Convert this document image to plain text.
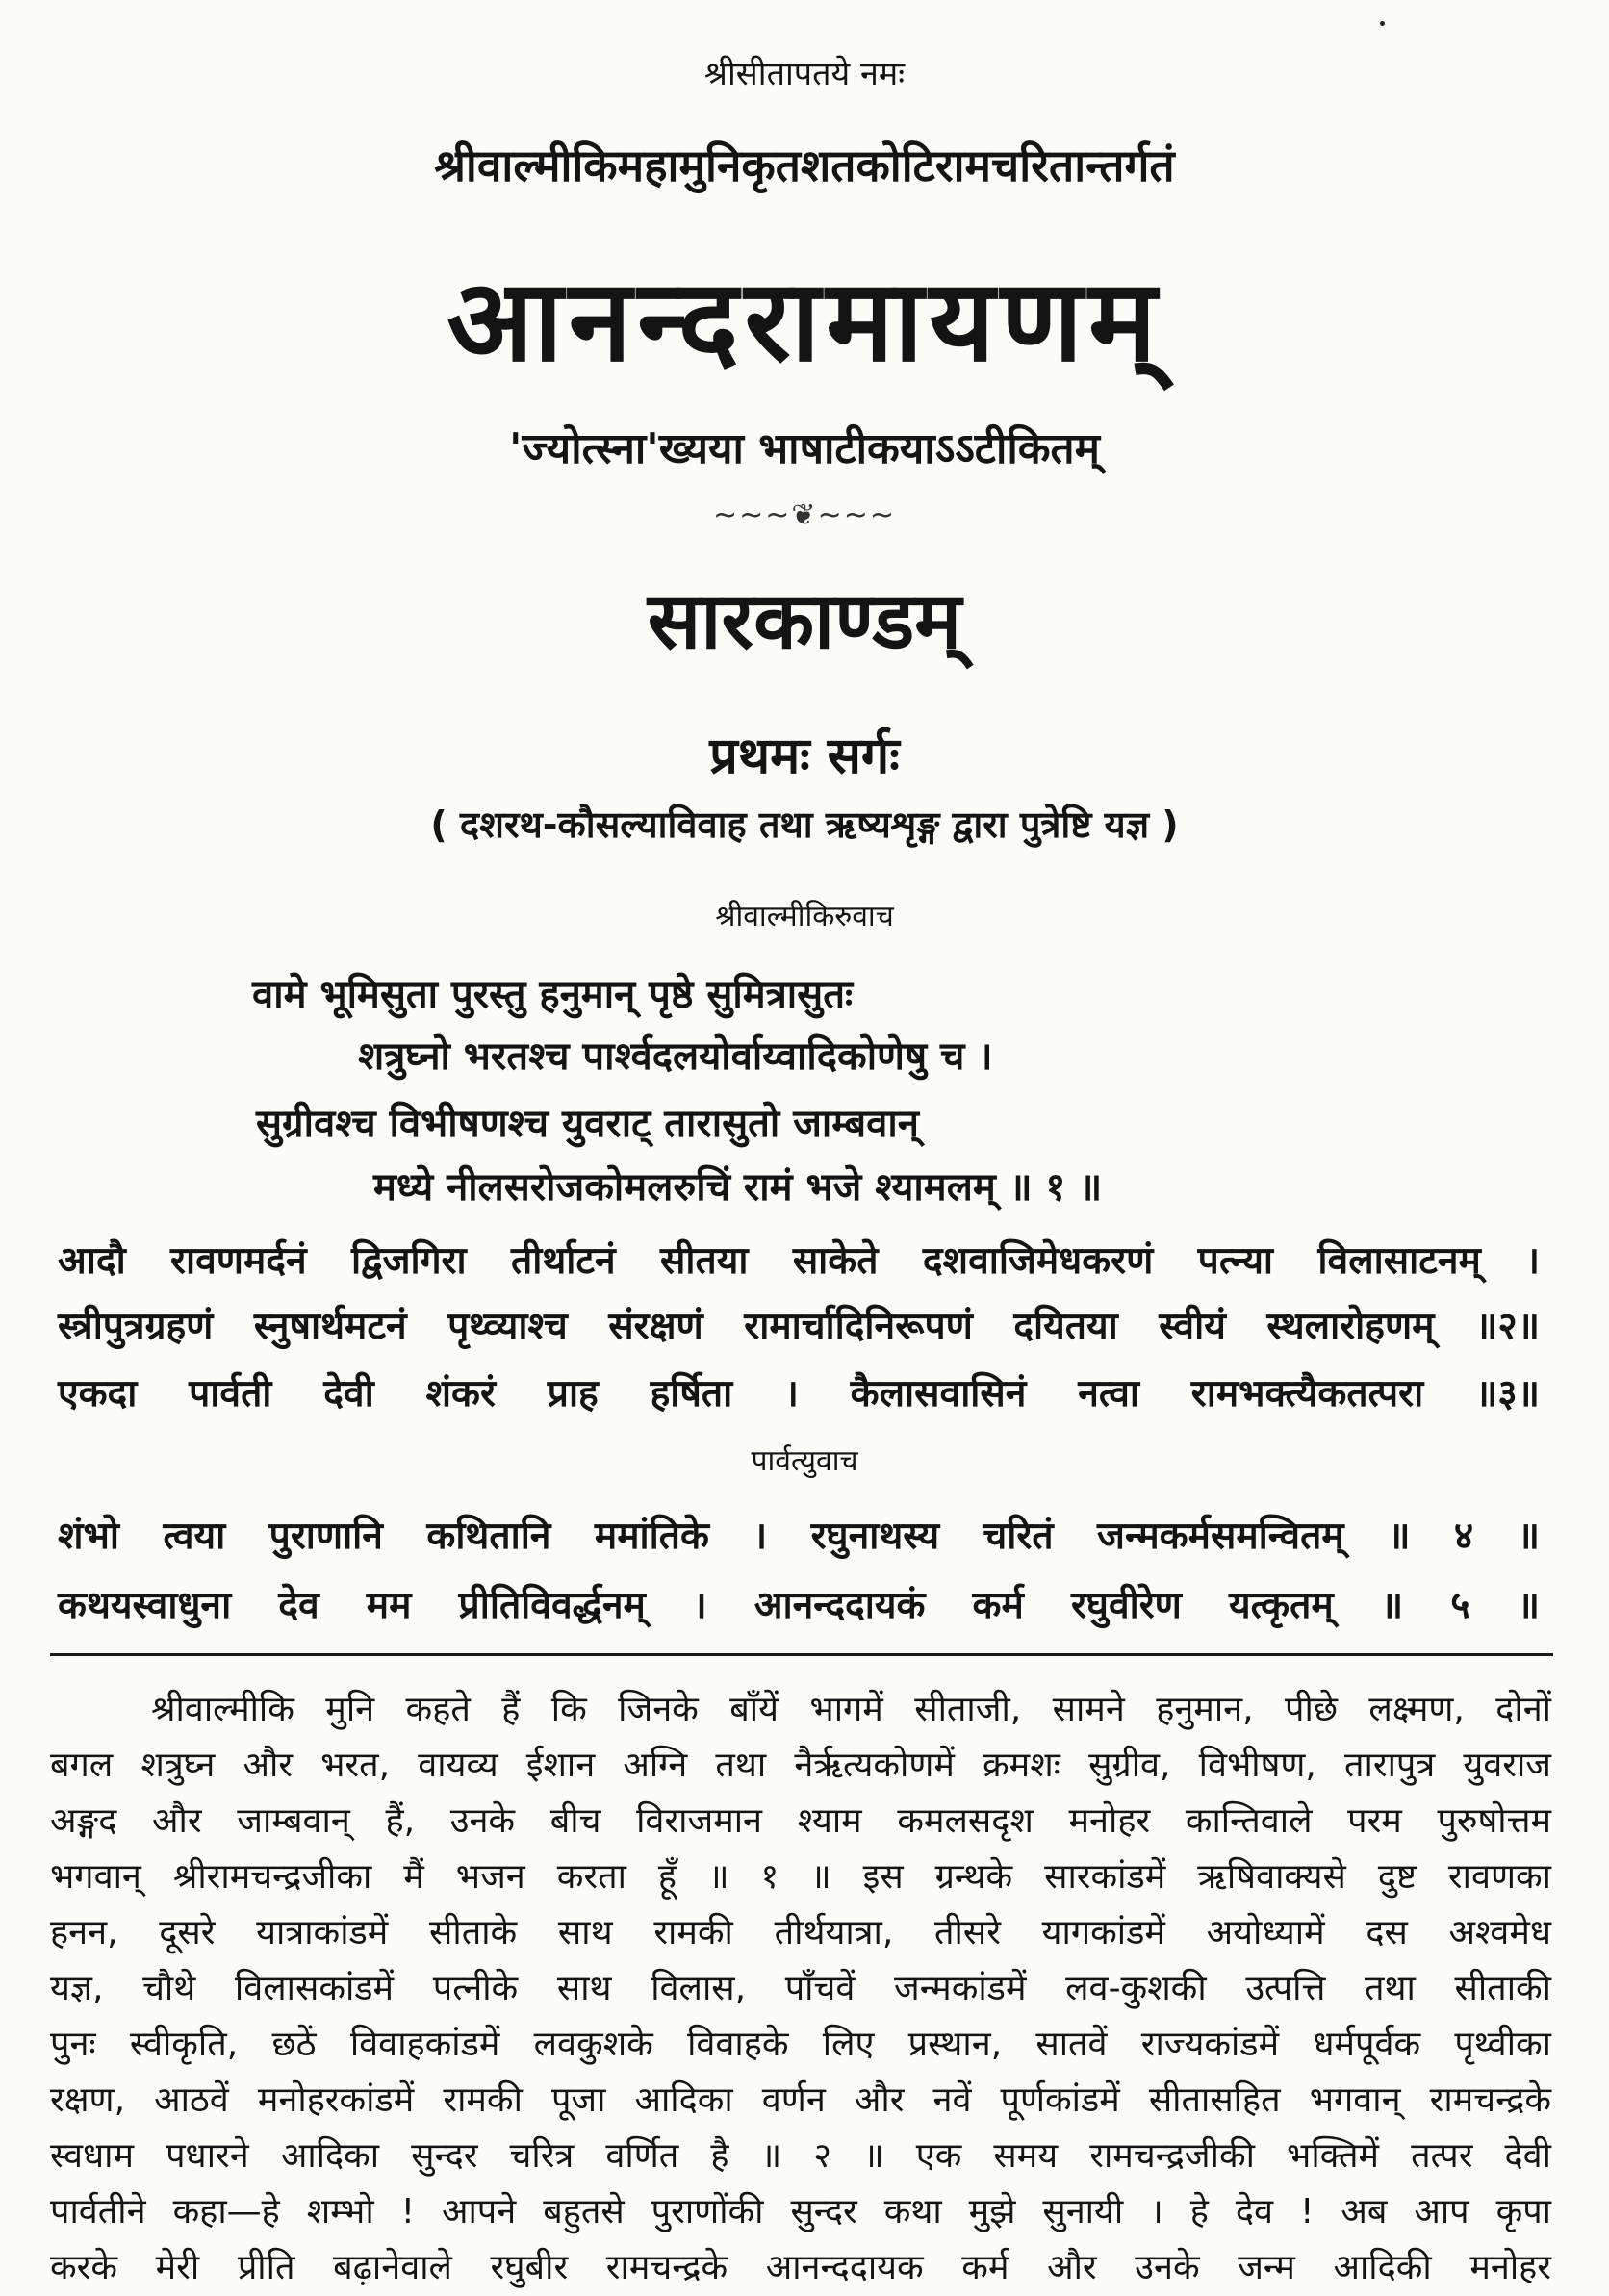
श्रीसीतापतये नमः
श्रीवाल्मीकिमहामुनिकृतशतकोटिरामचरितान्तर्गतं
आनन्दरामायणम्
'ज्योत्स्ना'ख्यया भाषाटीकयाऽऽटीकितम्
~~~❦~~~
सारकाण्डम्
प्रथमः सर्गः
( दशरथ-कौसल्याविवाह तथा ऋष्यशृङ्ग द्वारा पुत्रेष्टि यज्ञ )
श्रीवाल्मीकिरुवाच
वामे भूमिसुता पुरस्तु हनुमान् पृष्ठे सुमित्रासुतः
शत्रुघ्नो भरतश्च पार्श्वदलयोर्वाय्वादिकोणेषु च ।
सुग्रीवश्च विभीषणश्च युवराट् तारासुतो जाम्बवान्
मध्ये नीलसरोजकोमलरुचिं रामं भजे श्यामलम् ॥ १ ॥
आदौ रावणमर्दनं द्विजगिरा तीर्थाटनं सीतया साकेते दशवाजिमेधकरणं पत्न्या विलासाटनम् ।
स्त्रीपुत्रग्रहणं स्नुषार्थमटनं पृथ्व्याश्च संरक्षणं रामार्चादिनिरूपणं दयितया स्वीयं स्थलारोहणम् ॥२॥
एकदा पार्वती देवी शंकरं प्राह हर्षिता । कैलासवासिनं नत्वा रामभक्त्यैकतत्परा ॥३॥
पार्वत्युवाच
शंभो त्वया पुराणानि कथितानि ममांतिके । रघुनाथस्य चरितं जन्मकर्मसमन्वितम् ॥ ४ ॥
कथयस्वाधुना देव मम प्रीतिविवर्द्धनम् । आनन्ददायकं कर्म रघुवीरेण यत्कृतम् ॥ ५ ॥
श्रीवाल्मीकि मुनि कहते हैं कि जिनके बाँयें भागमें सीताजी, सामने हनुमान, पीछे लक्ष्मण, दोनों
बगल शत्रुघ्न और भरत, वायव्य ईशान अग्नि तथा नैर्ऋत्यकोणमें क्रमशः सुग्रीव, विभीषण, तारापुत्र युवराज
अङ्गद और जाम्बवान् हैं, उनके बीच विराजमान श्याम कमलसदृश मनोहर कान्तिवाले परम पुरुषोत्तम
भगवान् श्रीरामचन्द्रजीका मैं भजन करता हूँ ॥ १ ॥ इस ग्रन्थके सारकांडमें ऋषिवाक्यसे दुष्ट रावणका
हनन, दूसरे यात्राकांडमें सीताके साथ रामकी तीर्थयात्रा, तीसरे यागकांडमें अयोध्यामें दस अश्वमेध
यज्ञ, चौथे विलासकांडमें पत्नीके साथ विलास, पाँचवें जन्मकांडमें लव-कुशकी उत्पत्ति तथा सीताकी
पुनः स्वीकृति, छठें विवाहकांडमें लवकुशके विवाहके लिए प्रस्थान, सातवें राज्यकांडमें धर्मपूर्वक पृथ्वीका
रक्षण, आठवें मनोहरकांडमें रामकी पूजा आदिका वर्णन और नवें पूर्णकांडमें सीतासहित भगवान् रामचन्द्रके
स्वधाम पधारने आदिका सुन्दर चरित्र वर्णित है ॥ २ ॥ एक समय रामचन्द्रजीकी भक्तिमें तत्पर देवी
पार्वतीने कहा—हे शम्भो ! आपने बहुतसे पुराणोंकी सुन्दर कथा मुझे सुनायी । हे देव ! अब आप कृपा
करके मेरी प्रीति बढ़ानेवाले रघुबीर रामचन्द्रके आनन्ददायक कर्म और उनके जन्म आदिकी मनोहर
